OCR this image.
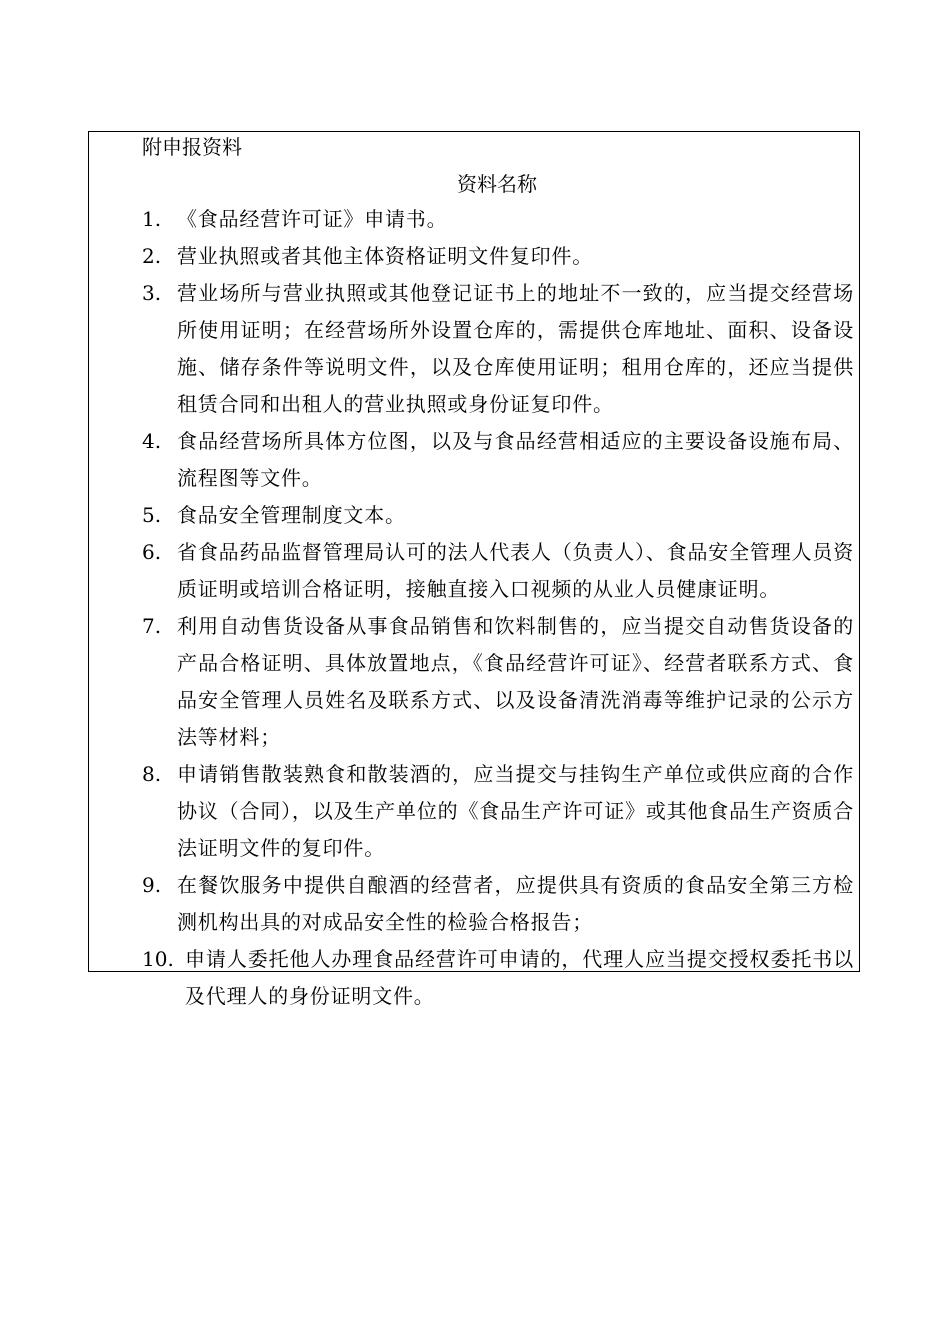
附申报资料
资料名称
1. 《食品经营许可证》申请书。
2. 营业执照或者其他主体资格证明文件复印件。
3. 营业场所与营业执照或其他登记证书上的地址不一致的，应当提交经营场所使用证明；在经营场所外设置仓库的，需提供仓库地址、面积、设备设施、储存条件等说明文件，以及仓库使用证明；租用仓库的，还应当提供租赁合同和出租人的营业执照或身份证复印件。
4. 食品经营场所具体方位图，以及与食品经营相适应的主要设备设施布局、流程图等文件。
5. 食品安全管理制度文本。
6. 省食品药品监督管理局认可的法人代表人（负责人）、食品安全管理人员资质证明或培训合格证明，接触直接入口视频的从业人员健康证明。
7. 利用自动售货设备从事食品销售和饮料制售的，应当提交自动售货设备的产品合格证明、具体放置地点，《食品经营许可证》、经营者联系方式、食品安全管理人员姓名及联系方式、以及设备清洗消毒等维护记录的公示方法等材料；
8. 申请销售散装熟食和散装酒的，应当提交与挂钩生产单位或供应商的合作协议（合同），以及生产单位的《食品生产许可证》或其他食品生产资质合法证明文件的复印件。
9. 在餐饮服务中提供自酿酒的经营者，应提供具有资质的食品安全第三方检测机构出具的对成品安全性的检验合格报告；
10. 申请人委托他人办理食品经营许可申请的，代理人应当提交授权委托书以及代理人的身份证明文件。
